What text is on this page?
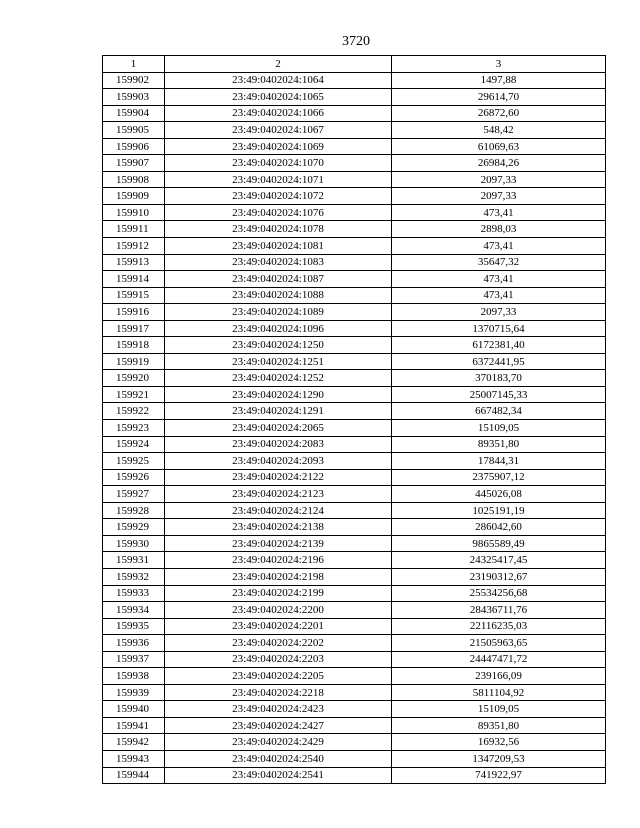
3720
1	2	3
159902	23:49:0402024:1064	1497,88
159903	23:49:0402024:1065	29614,70
159904	23:49:0402024:1066	26872,60
159905	23:49:0402024:1067	548,42
159906	23:49:0402024:1069	61069,63
159907	23:49:0402024:1070	26984,26
159908	23:49:0402024:1071	2097,33
159909	23:49:0402024:1072	2097,33
159910	23:49:0402024:1076	473,41
159911	23:49:0402024:1078	2898,03
159912	23:49:0402024:1081	473,41
159913	23:49:0402024:1083	35647,32
159914	23:49:0402024:1087	473,41
159915	23:49:0402024:1088	473,41
159916	23:49:0402024:1089	2097,33
159917	23:49:0402024:1096	1370715,64
159918	23:49:0402024:1250	6172381,40
159919	23:49:0402024:1251	6372441,95
159920	23:49:0402024:1252	370183,70
159921	23:49:0402024:1290	25007145,33
159922	23:49:0402024:1291	667482,34
159923	23:49:0402024:2065	15109,05
159924	23:49:0402024:2083	89351,80
159925	23:49:0402024:2093	17844,31
159926	23:49:0402024:2122	2375907,12
159927	23:49:0402024:2123	445026,08
159928	23:49:0402024:2124	1025191,19
159929	23:49:0402024:2138	286042,60
159930	23:49:0402024:2139	9865589,49
159931	23:49:0402024:2196	24325417,45
159932	23:49:0402024:2198	23190312,67
159933	23:49:0402024:2199	25534256,68
159934	23:49:0402024:2200	28436711,76
159935	23:49:0402024:2201	22116235,03
159936	23:49:0402024:2202	21505963,65
159937	23:49:0402024:2203	24447471,72
159938	23:49:0402024:2205	239166,09
159939	23:49:0402024:2218	5811104,92
159940	23:49:0402024:2423	15109,05
159941	23:49:0402024:2427	89351,80
159942	23:49:0402024:2429	16932,56
159943	23:49:0402024:2540	1347209,53
159944	23:49:0402024:2541	741922,97
